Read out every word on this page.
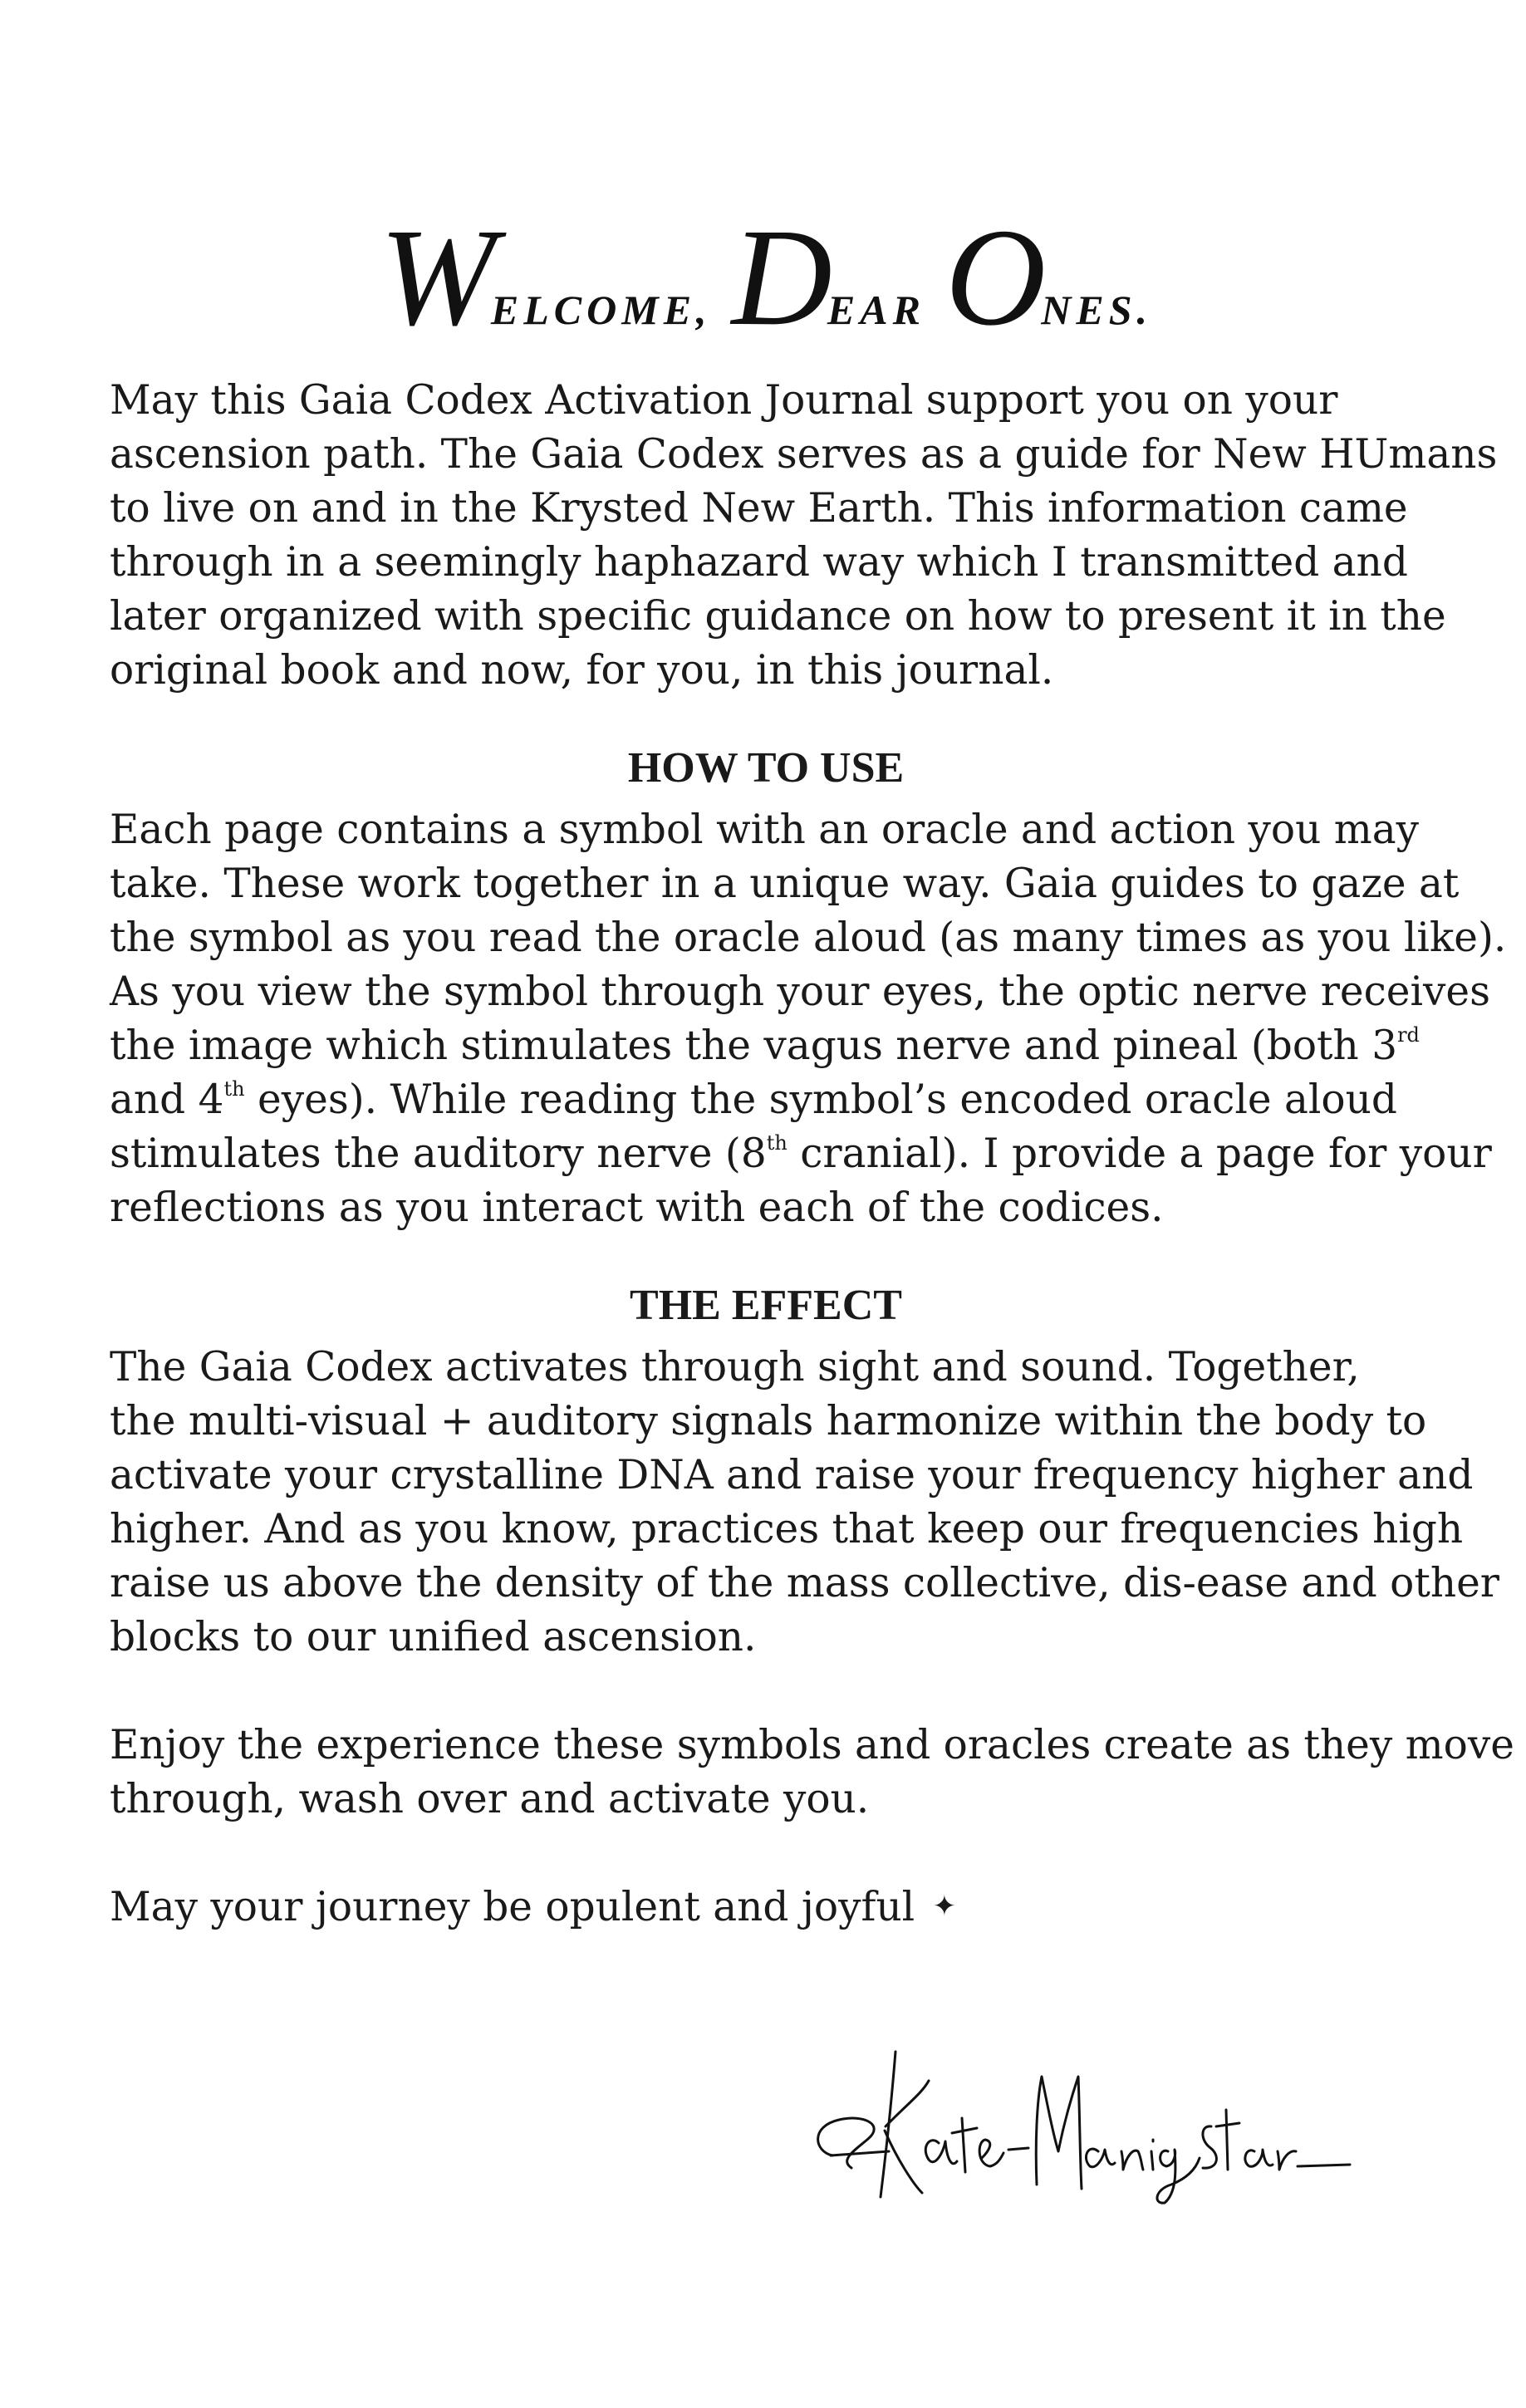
WELCOME, DEAR ONES.

May this Gaia Codex Activation Journal support you on your
ascension path. The Gaia Codex serves as a guide for New HUmans
to live on and in the Krysted New Earth. This information came
through in a seemingly haphazard way which I transmitted and
later organized with specific guidance on how to present it in the
original book and now, for you, in this journal.

HOW TO USE

Each page contains a symbol with an oracle and action you may
take. These work together in a unique way. Gaia guides to gaze at
the symbol as you read the oracle aloud (as many times as you like).
As you view the symbol through your eyes, the optic nerve receives
the image which stimulates the vagus nerve and pineal (both 3rd
and 4th eyes). While reading the symbol’s encoded oracle aloud
stimulates the auditory nerve (8th cranial). I provide a page for your
reflections as you interact with each of the codices.

THE EFFECT

The Gaia Codex activates through sight and sound. Together,
the multi-visual + auditory signals harmonize within the body to
activate your crystalline DNA and raise your frequency higher and
higher. And as you know, practices that keep our frequencies high
raise us above the density of the mass collective, dis-ease and other
blocks to our unified ascension.

Enjoy the experience these symbols and oracles create as they move
through, wash over and activate you.

May your journey be opulent and joyful ✦
